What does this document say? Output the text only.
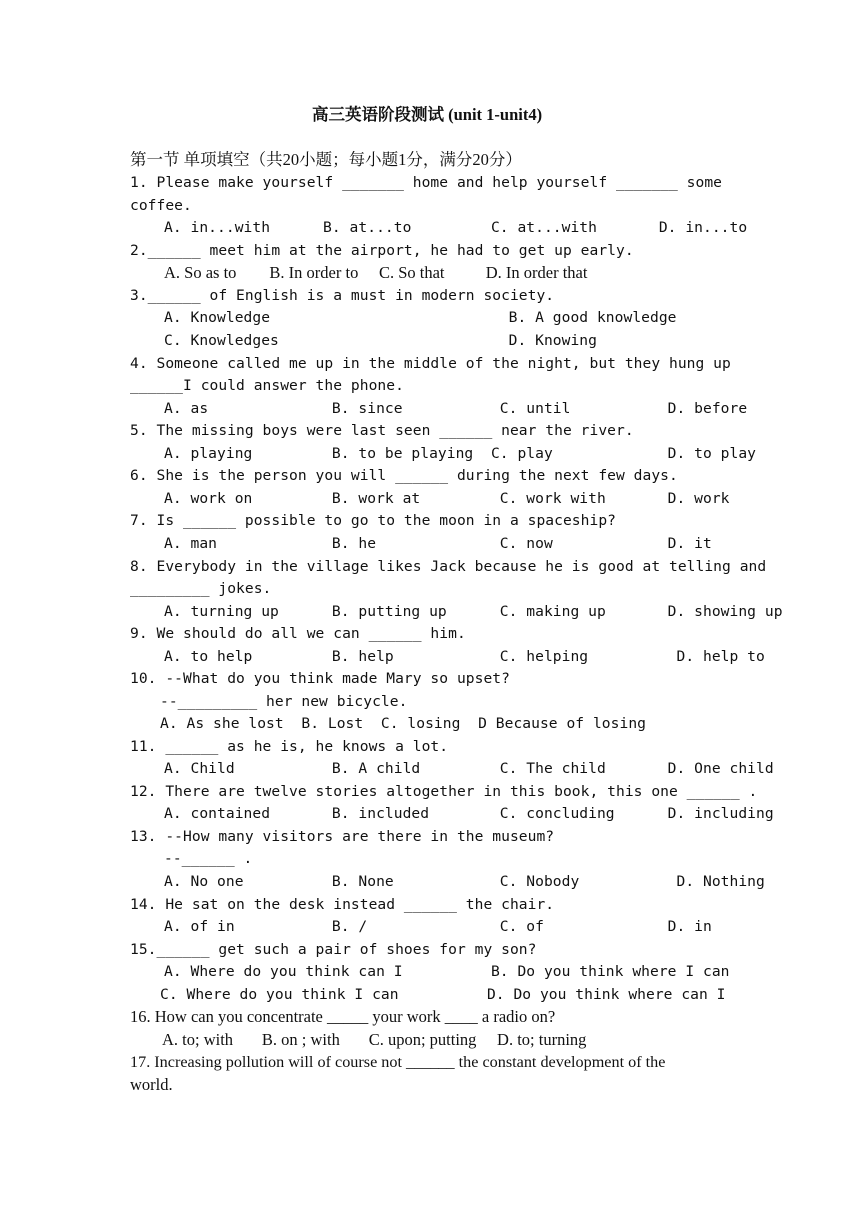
高三英语阶段测试 (unit 1-unit4)
第一节 单项填空（共20小题；每小题1分，满分20分）
1. Please make yourself _______ home and help yourself _______ some
coffee.
A. in...with      B. at...to         C. at...with       D. in...to
2.______ meet him at the airport, he had to get up early.
A. So as to        B. In order to     C. So that          D. In order that
3.______ of English is a must in modern society.
A. Knowledge                           B. A good knowledge
C. Knowledges                          D. Knowing
4. Someone called me up in the middle of the night, but they hung up
______I could answer the phone.
A. as              B. since           C. until           D. before
5. The missing boys were last seen ______ near the river.
A. playing         B. to be playing  C. play             D. to play
6. She is the person you will ______ during the next few days.
A. work on         B. work at         C. work with       D. work
7. Is ______ possible to go to the moon in a spaceship?
A. man             B. he              C. now             D. it
8. Everybody in the village likes Jack because he is good at telling and
_________ jokes.
A. turning up      B. putting up      C. making up       D. showing up
9. We should do all we can ______ him.
A. to help         B. help            C. helping          D. help to
10. --What do you think made Mary so upset?
--_________ her new bicycle.
A. As she lost  B. Lost  C. losing  D Because of losing
11. ______ as he is, he knows a lot.
A. Child           B. A child         C. The child       D. One child
12. There are twelve stories altogether in this book, this one ______ .
A. contained       B. included        C. concluding      D. including
13. --How many visitors are there in the museum?
--______ .
A. No one          B. None            C. Nobody           D. Nothing
14. He sat on the desk instead ______ the chair.
A. of in           B. /               C. of              D. in
15.______ get such a pair of shoes for my son?
A. Where do you think can I          B. Do you think where I can
C. Where do you think I can          D. Do you think where can I
16. How can you concentrate _____ your work ____ a radio on?
A. to; with       B. on ; with       C. upon; putting     D. to; turning
17. Increasing pollution will of course not ______ the constant development of the
world.
